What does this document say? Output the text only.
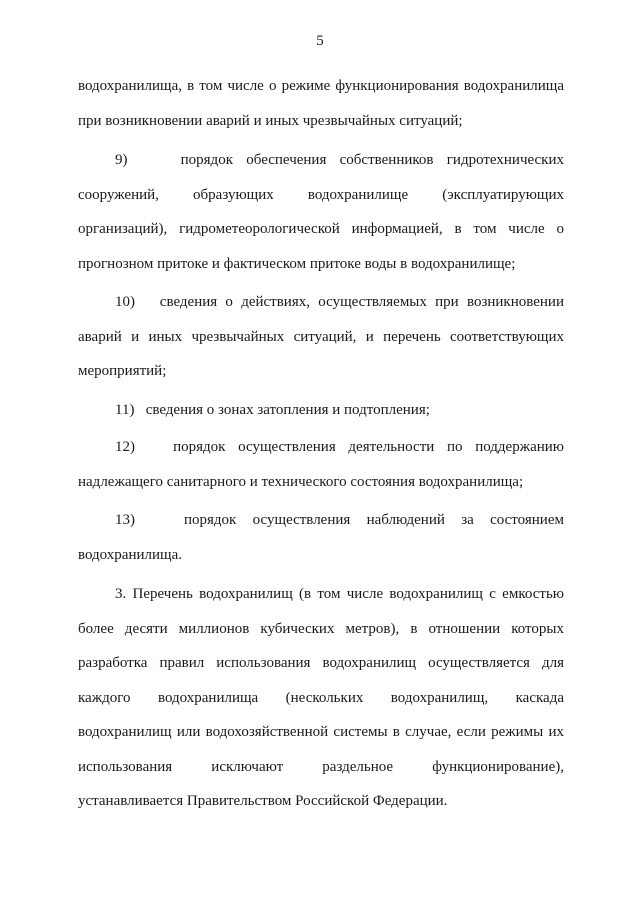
5

водохранилища, в том числе о режиме функционирования водохранилища
при возникновении аварий и иных чрезвычайных ситуаций;

9)    порядок обеспечения собственников гидротехнических
сооружений, образующих водохранилище (эксплуатирующих
организаций), гидрометеорологической информацией, в том числе о
прогнозном притоке и фактическом притоке воды в водохранилище;

10)   сведения о действиях, осуществляемых при возникновении
аварий и иных чрезвычайных ситуаций, и перечень соответствующих
мероприятий;

11)   сведения о зонах затопления и подтопления;

12)   порядок осуществления деятельности по поддержанию
надлежащего санитарного и технического состояния водохранилища;

13)   порядок осуществления наблюдений за состоянием
водохранилища.

3. Перечень водохранилищ (в том числе водохранилищ с емкостью
более десяти миллионов кубических метров), в отношении которых
разработка правил использования водохранилищ осуществляется для
каждого водохранилища (нескольких водохранилищ, каскада
водохранилищ или водохозяйственной системы в случае, если режимы их
использования исключают раздельное функционирование),
устанавливается Правительством Российской Федерации.
